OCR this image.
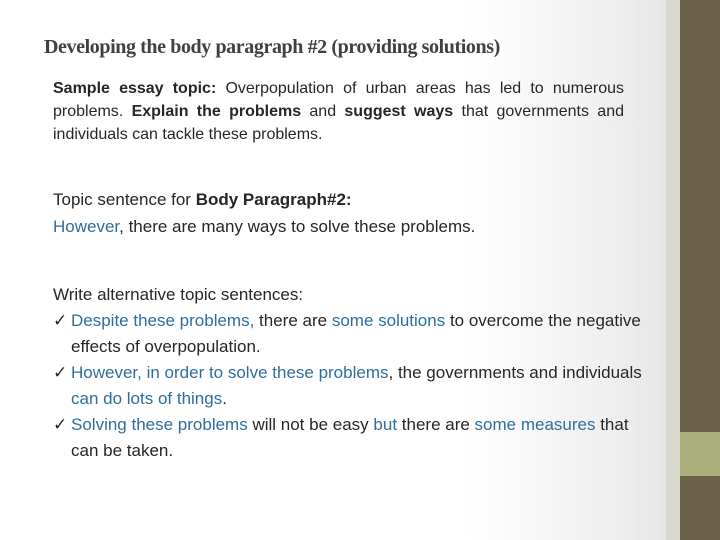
Developing the body paragraph #2 (providing solutions)

Sample essay topic: Overpopulation of urban areas has led to numerous problems. Explain the problems and suggest ways that governments and individuals can tackle these problems.

Topic sentence for Body Paragraph#2:

However, there are many ways to solve these problems.

Write alternative topic sentences:

✓ Despite these problems, there are some solutions to overcome the negative effects of overpopulation.
✓ However, in order to solve these problems, the governments and individuals can do lots of things.
✓ Solving these problems will not be easy but there are some measures that can be taken.
